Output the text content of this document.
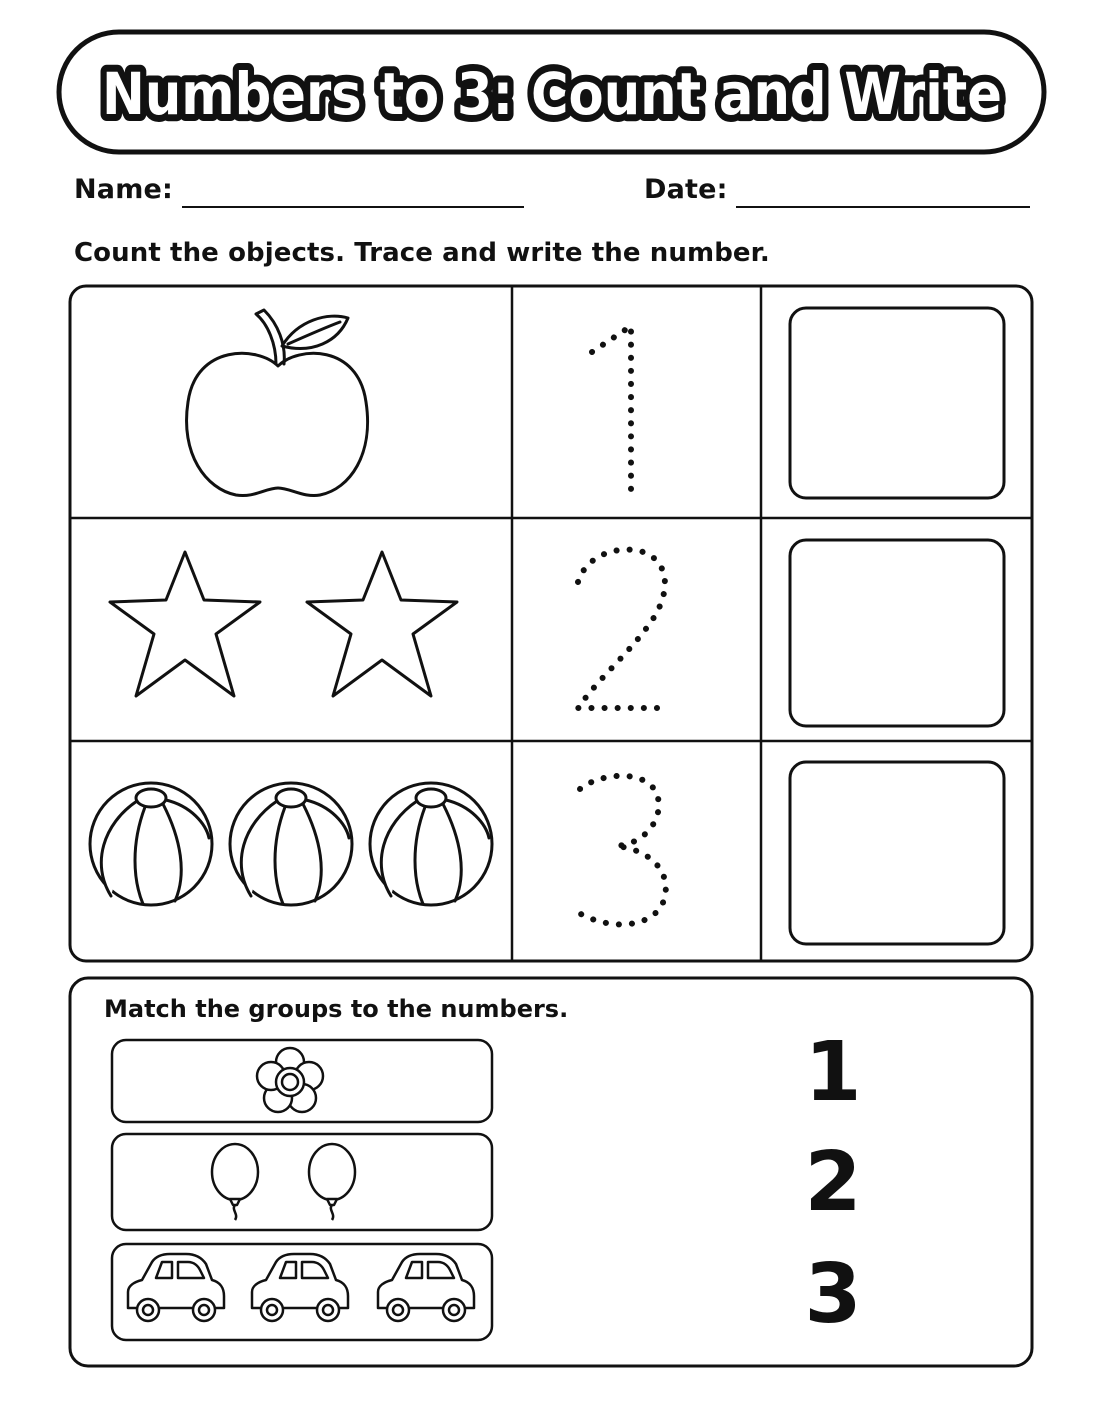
Numbers to 3: Count and Write
Name:	Date:
Count the objects. Trace and write the number.
Match the groups to the numbers.
1
2
3
